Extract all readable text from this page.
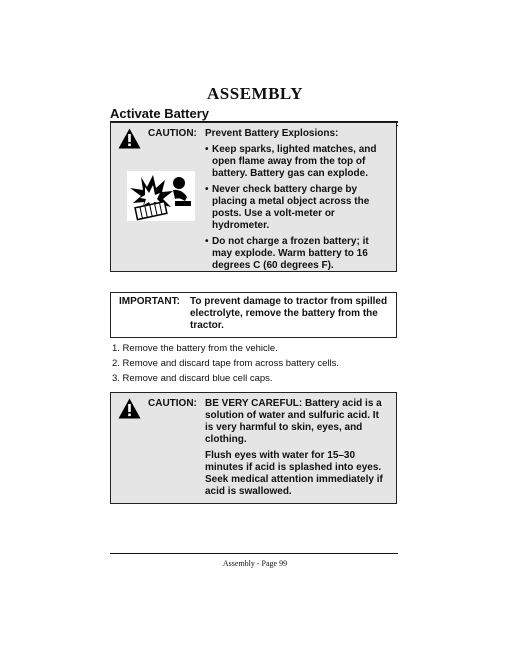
ASSEMBLY
Activate Battery
CAUTION: Prevent Battery Explosions:
• Keep sparks, lighted matches, and
open flame away from the top of
battery. Battery gas can explode.
• Never check battery charge by
placing a metal object across the
posts. Use a volt-meter or
hydrometer.
• Do not charge a frozen battery; it
may explode. Warm battery to 16
degrees C (60 degrees F).
IMPORTANT: To prevent damage to tractor from spilled
electrolyte, remove the battery from the
tractor.
1. Remove the battery from the vehicle.
2. Remove and discard tape from across battery cells.
3. Remove and discard blue cell caps.
CAUTION: BE VERY CAREFUL: Battery acid is a
solution of water and sulfuric acid. It
is very harmful to skin, eyes, and
clothing.
Flush eyes with water for 15–30
minutes if acid is splashed into eyes.
Seek medical attention immediately if
acid is swallowed.
Assembly - Page 99
